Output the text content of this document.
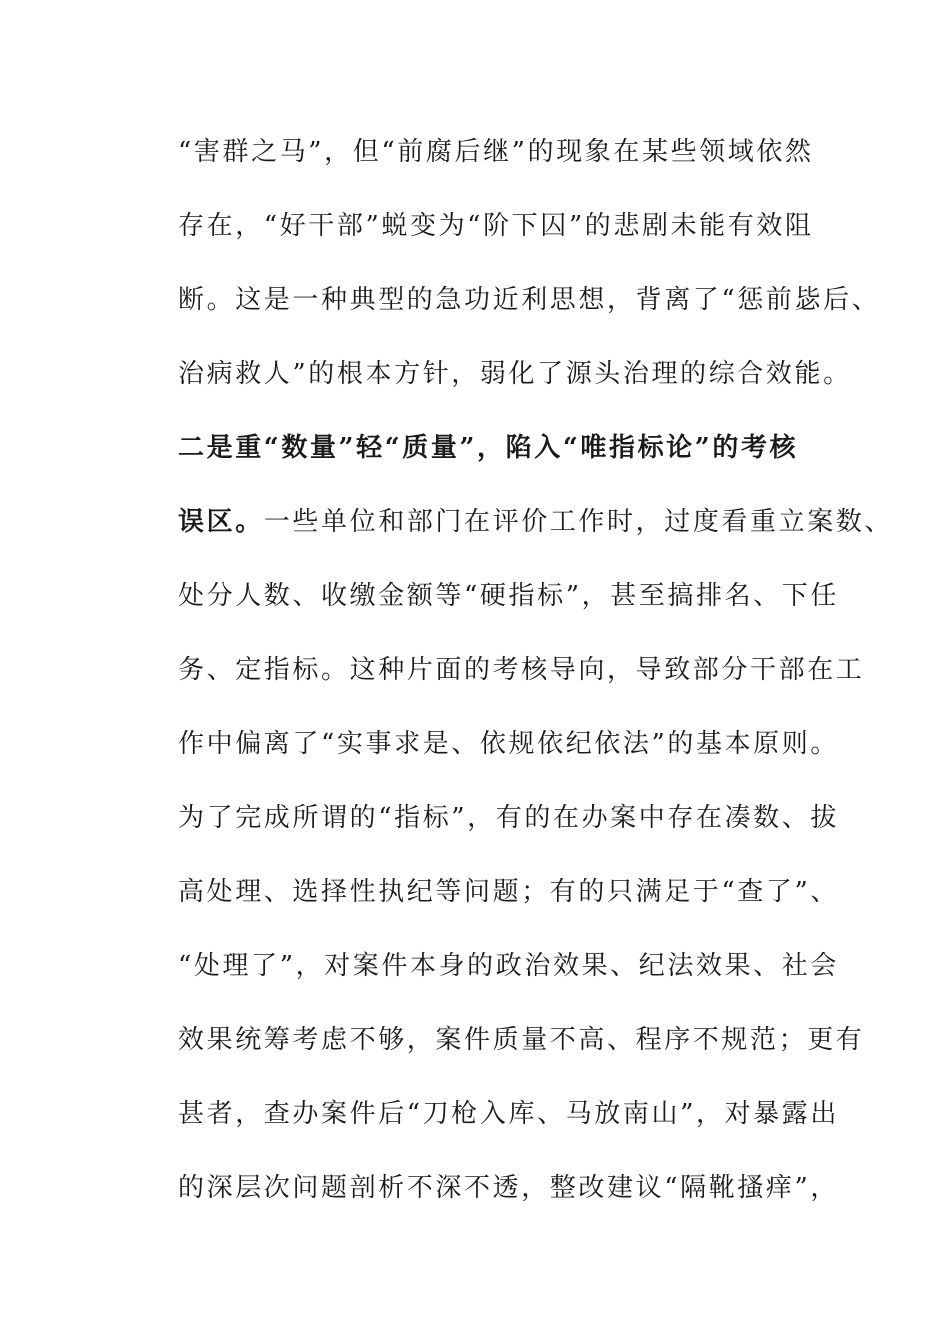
“害群之马”，但“前腐后继”的现象在某些领域依然
存在，“好干部”蜕变为“阶下囚”的悲剧未能有效阻
断。这是一种典型的急功近利思想，背离了“惩前毖后、
治病救人”的根本方针，弱化了源头治理的综合效能。
二是重“数量”轻“质量”，陷入“唯指标论”的考核
误区。一些单位和部门在评价工作时，过度看重立案数、
处分人数、收缴金额等“硬指标”，甚至搞排名、下任
务、定指标。这种片面的考核导向，导致部分干部在工
作中偏离了“实事求是、依规依纪依法”的基本原则。
为了完成所谓的“指标”，有的在办案中存在凑数、拔
高处理、选择性执纪等问题；有的只满足于“查了”、
“处理了”，对案件本身的政治效果、纪法效果、社会
效果统筹考虑不够，案件质量不高、程序不规范；更有
甚者，查办案件后“刀枪入库、马放南山”，对暴露出
的深层次问题剖析不深不透，整改建议“隔靴搔痒”，
